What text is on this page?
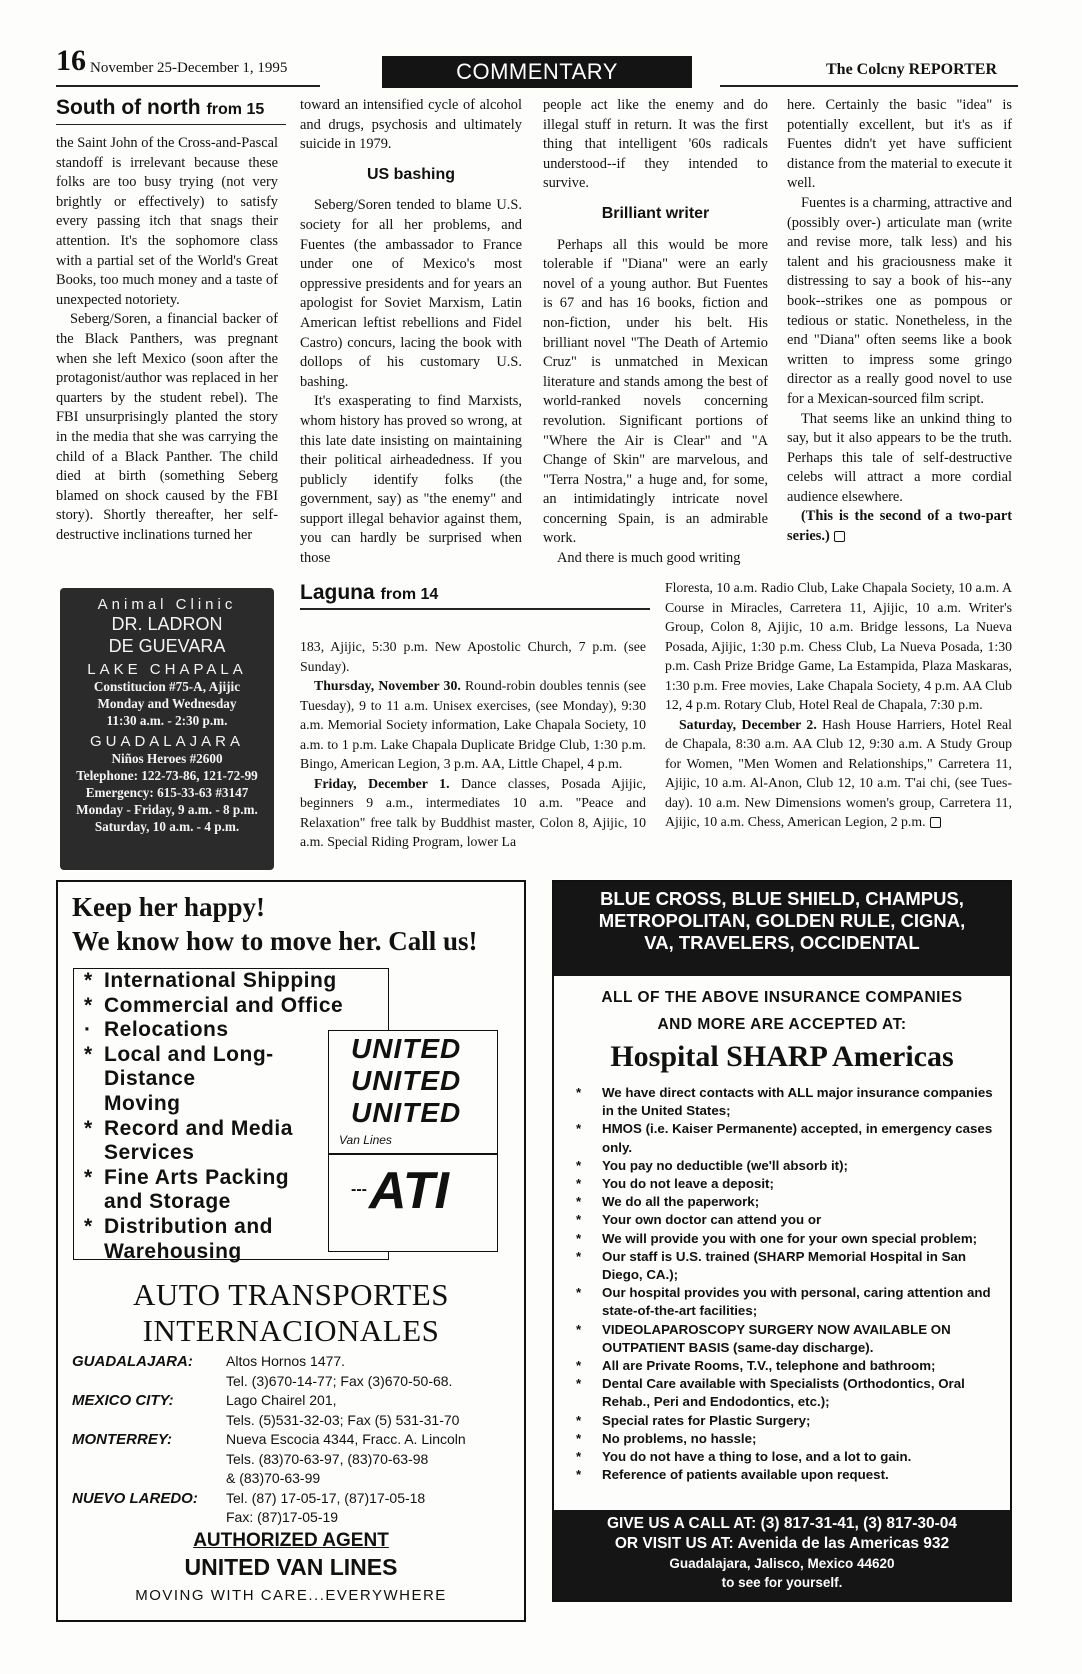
16 November 25-December 1, 1995	COMMENTARY	The Colcny REPORTER
South of north from 15

the Saint John of the Cross-and-Pascal standoff is irrelevant because these folks are too busy trying (not very brightly or effectively) to satisfy every passing itch that snags their attention. It's the sophomore class with a partial set of the World's Great Books, too much money and a taste of unexpected notoriety.

Seberg/Soren, a financial backer of the Black Panthers, was pregnant when she left Mexico (soon after the protagonist/author was replaced in her quarters by the student rebel). The FBI unsurprisingly planted the story in the media that she was carrying the child of a Black Panther. The child died at birth (something Seberg blamed on shock caused by the FBI story). Shortly thereafter, her self-destructive inclinations turned her

toward an intensified cycle of alcohol and drugs, psychosis and ultimately suicide in 1979.

US bashing

Seberg/Soren tended to blame U.S. society for all her problems, and Fuentes (the ambassador to France under one of Mexico's most oppressive presidents and for years an apologist for Soviet Marxism, Latin American leftist rebellions and Fidel Castro) concurs, lacing the book with dollops of his customary U.S. bashing.

It's exasperating to find Marxists, whom history has proved so wrong, at this late date insisting on maintaining their political airheadedness. If you publicly identify folks (the government, say) as "the enemy" and support illegal behavior against them, you can hardly be surprised when those

people act like the enemy and do illegal stuff in return. It was the first thing that intelligent '60s radicals understood--if they intended to survive.

Brilliant writer

Perhaps all this would be more tolerable if "Diana" were an early novel of a young author. But Fuentes is 67 and has 16 books, fiction and non-fiction, under his belt. His brilliant novel "The Death of Artemio Cruz" is unmatched in Mexican literature and stands among the best of world-ranked novels concerning revolution. Significant portions of "Where the Air is Clear" and "A Change of Skin" are marvelous, and "Terra Nostra," a huge and, for some, an intimidatingly intricate novel concerning Spain, is an admirable work.

And there is much good writing

here. Certainly the basic "idea" is potentially excellent, but it's as if Fuentes didn't yet have sufficient distance from the material to execute it well.

Fuentes is a charming, attractive and (possibly over-) articulate man (write and revise more, talk less) and his talent and his graciousness make it distressing to say a book of his--any book--strikes one as pompous or tedious or static. Nonetheless, in the end "Diana" often seems like a book written to impress some gringo director as a really good novel to use for a Mexican-sourced film script.

That seems like an unkind thing to say, but it also appears to be the truth. Perhaps this tale of self-destructive celebs will attract a more cordial audience elsewhere.

(This is the second of a two-part series.)

Animal Clinic
DR. LADRON
DE GUEVARA
LAKE CHAPALA
Constitucion #75-A, Ajijic
Monday and Wednesday
11:30 a.m. - 2:30 p.m.
GUADALAJARA
Niños Heroes #2600
Telephone: 122-73-86, 121-72-99
Emergency: 615-33-63 #3147
Monday - Friday, 9 a.m. - 8 p.m.
Saturday, 10 a.m. - 4 p.m.
Laguna from 14

183, Ajijic, 5:30 p.m. New Apostolic Church, 7 p.m. (see Sunday).

Thursday, November 30. Round-robin doubles tennis (see Tuesday), 9 to 11 a.m. Unisex exercises, (see Monday), 9:30 a.m. Memorial Society information, Lake Chapala Society, 10 a.m. to 1 p.m. Lake Chapala Duplicate Bridge Club, 1:30 p.m. Bingo, American Legion, 3 p.m. AA, Little Chapel, 4 p.m.

Friday, December 1. Dance classes, Posada Ajijic, beginners 9 a.m., intermediates 10 a.m. "Peace and Relaxation" free talk by Buddhist master, Colon 8, Ajijic, 10 a.m. Special Riding Program, lower La

Floresta, 10 a.m. Radio Club, Lake Chapala Society, 10 a.m. A Course in Miracles, Carretera 11, Ajijic, 10 a.m. Writer's Group, Colon 8, Ajijic, 10 a.m. Bridge lessons, La Nueva Posada, Ajijic, 1:30 p.m. Chess Club, La Nueva Posada, 1:30 p.m. Cash Prize Bridge Game, La Estampida, Plaza Maskaras, 1:30 p.m. Free movies, Lake Chapala Society, 4 p.m. AA Club 12, 4 p.m. Rotary Club, Hotel Real de Chapala, 7:30 p.m.

Saturday, December 2. Hash House Harriers, Hotel Real de Chapala, 8:30 a.m. AA Club 12, 9:30 a.m. A Study Group for Women, "Men Women and Relationships," Carretera 11, Ajijic, 10 a.m. Al-Anon, Club 12, 10 a.m. T'ai chi, (see Tues-day). 10 a.m. New Dimensions women's group, Carretera 11, Ajijic, 10 a.m. Chess, American Legion, 2 p.m.

Keep her happy!
We know how to move her. Call us!
* International Shipping
* Commercial and Office
· Relocations
* Local and Long-Distance Moving
* Record and Media Services
* Fine Arts Packing and Storage
* Distribution and Warehousing
UNITED
UNITED
UNITED
Van Lines
--- ATI
AUTO TRANSPORTES
INTERNACIONALES
GUADALAJARA: Altos Hornos 1477.
Tel. (3)670-14-77; Fax (3)670-50-68.
MEXICO CITY:	Lago Chairel 201,
Tels. (5)531-32-03; Fax (5) 531-31-70
MONTERREY:	Nueva Escocia 4344, Fracc. A. Lincoln
Tels. (83)70-63-97, (83)70-63-98
& (83)70-63-99
NUEVO LAREDO: Tel. (87) 17-05-17, (87)17-05-18
Fax: (87)17-05-19
AUTHORIZED AGENT
UNITED VAN LINES
MOVING WITH CARE...EVERYWHERE
BLUE CROSS, BLUE SHIELD, CHAMPUS,
METROPOLITAN, GOLDEN RULE, CIGNA,
VA, TRAVELERS, OCCIDENTAL
ALL OF THE ABOVE INSURANCE COMPANIES
AND MORE ARE ACCEPTED AT:
Hospital SHARP Americas
* We have direct contacts with ALL major insurance companies in the United States;
* HMOS (i.e. Kaiser Permanente) accepted, in emergency cases only.
* You pay no deductible (we'll absorb it);
* You do not leave a deposit;
* We do all the paperwork;
* Your own doctor can attend you or
* We will provide you with one for your own special problem;
* Our staff is U.S. trained (SHARP Memorial Hospital in San Diego, CA.);
* Our hospital provides you with personal, caring attention and state-of-the-art facilities;
* VIDEOLAPAROSCOPY SURGERY NOW AVAILABLE ON OUTPATIENT BASIS (same-day discharge).
* All are Private Rooms, T.V., telephone and bathroom;
* Dental Care available with Specialists (Orthodontics, Oral Rehab., Peri and Endodontics, etc.);
* Special rates for Plastic Surgery;
* No problems, no hassle;
* You do not have a thing to lose, and a lot to gain.
* Reference of patients available upon request.
GIVE US A CALL AT: (3) 817-31-41, (3) 817-30-04
OR VISIT US AT: Avenida de las Americas 932
Guadalajara, Jalisco, Mexico 44620
to see for yourself.
